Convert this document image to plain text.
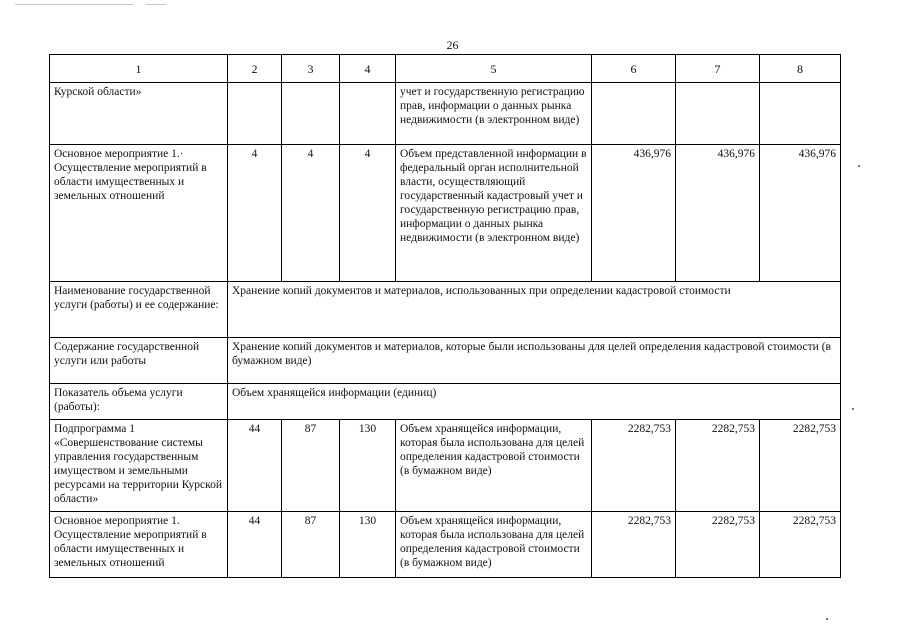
26
1	2	3	4	5	6	7	8
Курской области»				учет и государственную регистрацию прав, информации о данных рынка недвижимости (в электронном виде)			
Основное мероприятие 1.· Осуществление мероприятий в области имущественных и земельных отношений	4	4	4	Объем представленной информации в федеральный орган исполнительной власти, осуществляющий государственный кадастровый учет и государственную регистрацию прав, информации о данных рынка недвижимости (в электронном виде)	436,976	436,976	436,976
Наименование государственной услуги (работы) и ее содержание:	Хранение копий документов и материалов, использованных при определении кадастровой стоимости						
Содержание государственной услуги или работы	Хранение копий документов и материалов, которые были использованы для целей определения кадастровой стоимости (в бумажном виде)						
Показатель объема услуги (работы):	Объем хранящейся информации (единиц)						
Подпрограмма 1 «Совершенствование системы управления государственным имуществом и земельными ресурсами на территории Курской области»	44	87	130	Объем хранящейся информации, которая была использована для целей определения кадастровой стоимости (в бумажном виде)	2282,753	2282,753	2282,753
Основное мероприятие 1. Осуществление мероприятий в области имущественных и земельных отношений	44	87	130	Объем хранящейся информации, которая была использована для целей определения кадастровой стоимости (в бумажном виде)	2282,753	2282,753	2282,753
